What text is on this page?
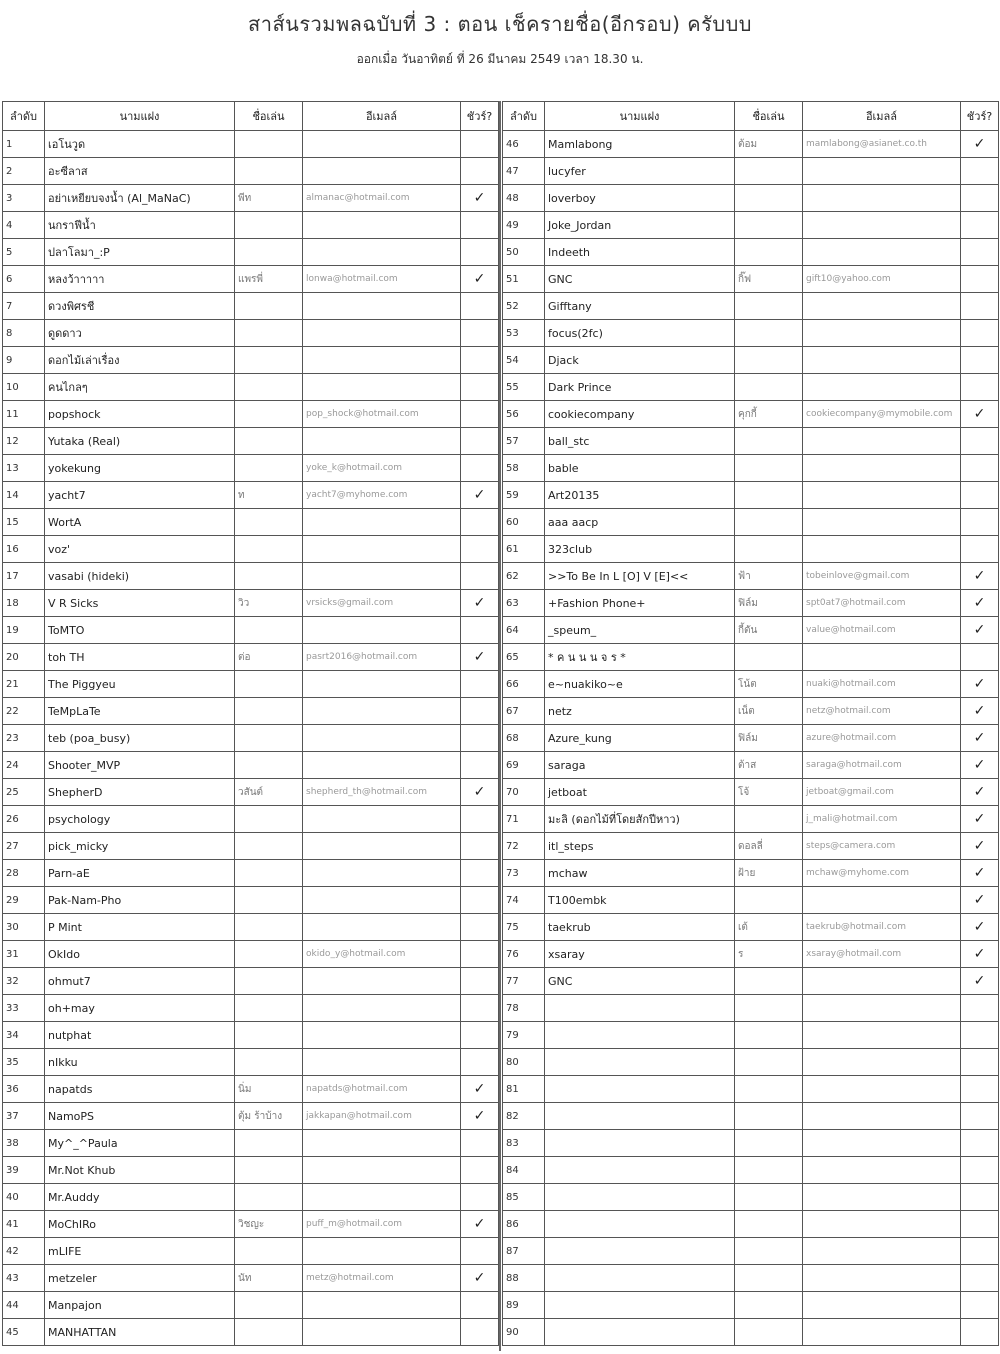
สาส์นรวมพลฉบับที่ 3 : ตอน เช็ครายชื่อ(อีกรอบ) ครับบบ
ออกเมื่อ วันอาทิตย์ ที่ 26 มีนาคม 2549 เวลา 18.30 น.
ลำดับ	นามแฝง	ชื่อเล่น	อีเมลล์	ชัวร์?
1	เอโนวูด			
2	อะซีลาส			
3	อย่าเหยียบจงน้ำ (Al_MaNaC)	พีท	almanac@hotmail.com	✓
4	นกราฟีน้ำ			
5	ปลาโลมา_:P			
6	หลงว้าาาาา	แพรพี่	lonwa@hotmail.com	✓
7	ดวงพิศรชี			
8	ดูดดาว			
9	ดอกไม้เล่าเรื่อง			
10	คนไกลๆ			
11	popshock		pop_shock@hotmail.com	
12	Yutaka (Real)			
13	yokekung		yoke_k@hotmail.com	
14	yacht7	ท	yacht7@myhome.com	✓
15	WortA			
16	voz'			
17	vasabi (hideki)			
18	V R Sicks	วิว	vrsicks@gmail.com	✓
19	ToMTO			
20	toh TH	ต่อ	pasrt2016@hotmail.com	✓
21	The Piggyeu			
22	TeMpLaTe			
23	teb (poa_busy)			
24	Shooter_MVP			
25	ShepherD	วสันต์	shepherd_th@hotmail.com	✓
26	psychology			
27	pick_micky			
28	Parn-aE			
29	Pak-Nam-Pho			
30	P Mint			
31	OkIdo		okido_y@hotmail.com	
32	ohmut7			
33	oh+may			
34	nutphat			
35	nIkku			
36	napatds	นิ่ม	napatds@hotmail.com	✓
37	NamoPS	ตุ้ม ร้าบ้าง	jakkapan@hotmail.com	✓
38	My^_^Paula			
39	Mr.Not Khub			
40	Mr.Auddy			
41	MoChIRo	วิชญะ	puff_m@hotmail.com	✓
42	mLIFE			
43	metzeler	นัท	metz@hotmail.com	✓
44	Manpajon			
45	MANHATTAN			
ลำดับ	นามแฝง	ชื่อเล่น	อีเมลล์	ชัวร์?
46	Mamlabong	ต้อม	mamlabong@asianet.co.th	✓
47	lucyfer			
48	loverboy			
49	Joke_Jordan			
50	Indeeth			
51	GNC	กิ๊ฟ	gift10@yahoo.com	
52	Gifftany			
53	focus(2fc)			
54	Djack			
55	Dark Prince			
56	cookiecompany	คุกกี้	cookiecompany@mymobile.com	✓
57	ball_stc			
58	bable			
59	Art20135			
60	aaa aacp			
61	323club			
62	>>To Be In L [O] V [E]<<	ฟ้า	tobeinlove@gmail.com	✓
63	+Fashion Phone+	ฟิล์ม	spt0at7@hotmail.com	✓
64	_speum_	กี้ตัน	value@hotmail.com	✓
65	* ค น น น จ ร *			
66	e~nuakiko~e	โน้ต	nuaki@hotmail.com	✓
67	netz	เน็ต	netz@hotmail.com	✓
68	Azure_kung	ฟิล์ม	azure@hotmail.com	✓
69	saraga	ต้าส	saraga@hotmail.com	✓
70	jetboat	โจ้	jetboat@gmail.com	✓
71	มะลิ (ดอกไม้ที่โดยสักปีหาว)		j_mali@hotmail.com	✓
72	itl_steps	ดอลลี่	steps@camera.com	✓
73	mchaw	ฝ้าย	mchaw@myhome.com	✓
74	T100embk			✓
75	taekrub	เต้	taekrub@hotmail.com	✓
76	xsaray	ร	xsaray@hotmail.com	✓
77	GNC			✓
78				
79				
80				
81				
82				
83				
84				
85				
86				
87				
88				
89				
90				
